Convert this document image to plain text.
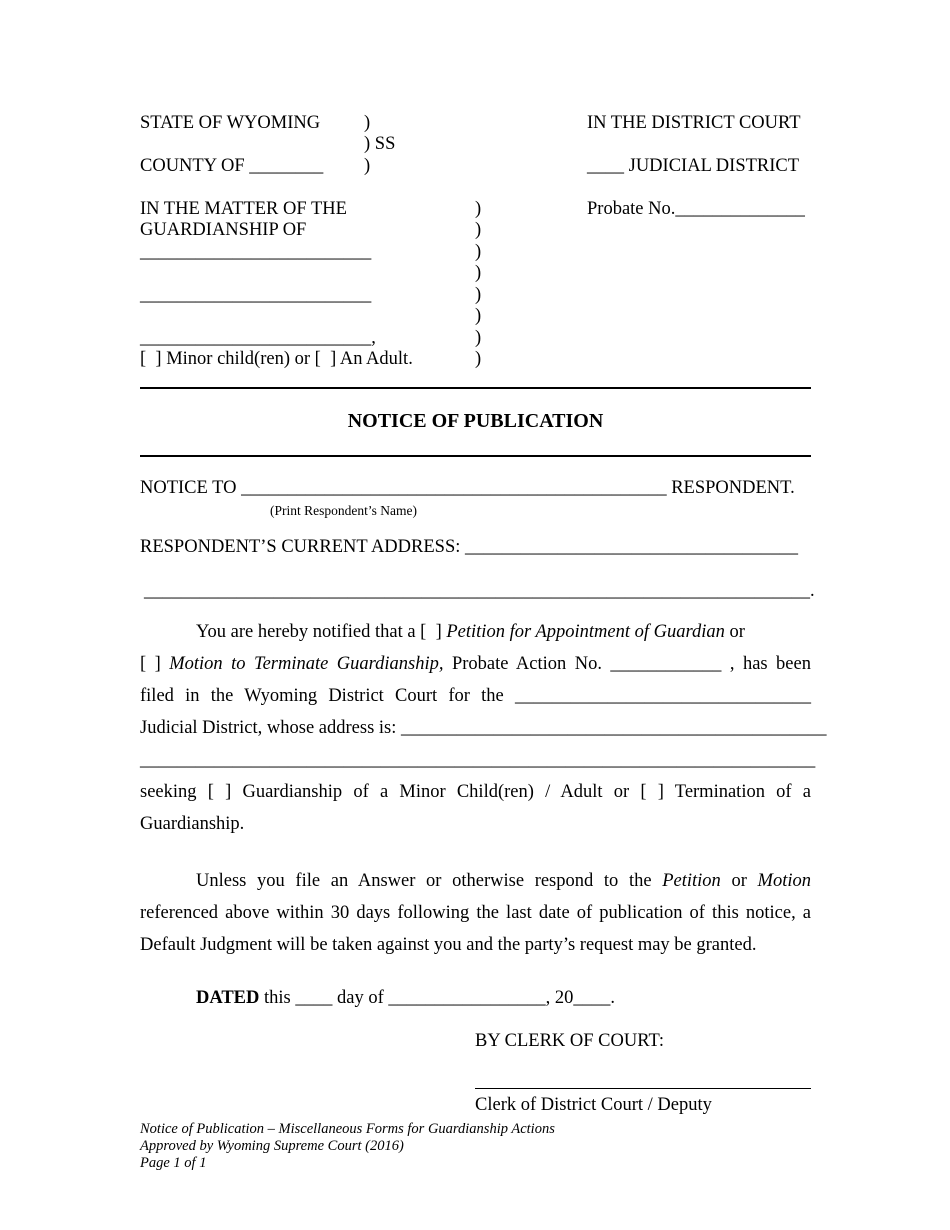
STATE OF WYOMING )
) SS
COUNTY OF ________ )
IN THE DISTRICT COURT
____ JUDICIAL DISTRICT
Probate No.______________
IN THE MATTER OF THE
GUARDIANSHIP OF
_________________________
_________________________
_________________________,
[  ] Minor child(ren) or [  ] An Adult.
)
)
)
)
)
)
)
)
NOTICE OF PUBLICATION
NOTICE TO ______________________________________________ RESPONDENT.
(Print Respondent’s Name)
RESPONDENT’S CURRENT ADDRESS: ____________________________________
________________________________________________________________________.
You are hereby notified that a [  ] Petition for Appointment of Guardian or
[ ] Motion to Terminate Guardianship, Probate Action No. ____________ , has been
filed in the Wyoming District Court for the ________________________________
Judicial District, whose address is: ______________________________________________
_________________________________________________________________________
seeking [ ] Guardianship of a Minor Child(ren) / Adult or [ ] Termination of a
Guardianship.
Unless you file an Answer or otherwise respond to the Petition or Motion referenced above within 30 days following the last date of publication of this notice, a Default Judgment will be taken against you and the party’s request may be granted.
DATED this ____ day of _________________, 20____.
BY CLERK OF COURT:
Clerk of District Court / Deputy
Notice of Publication – Miscellaneous Forms for Guardianship Actions
Approved by Wyoming Supreme Court (2016)
Page 1 of 1
